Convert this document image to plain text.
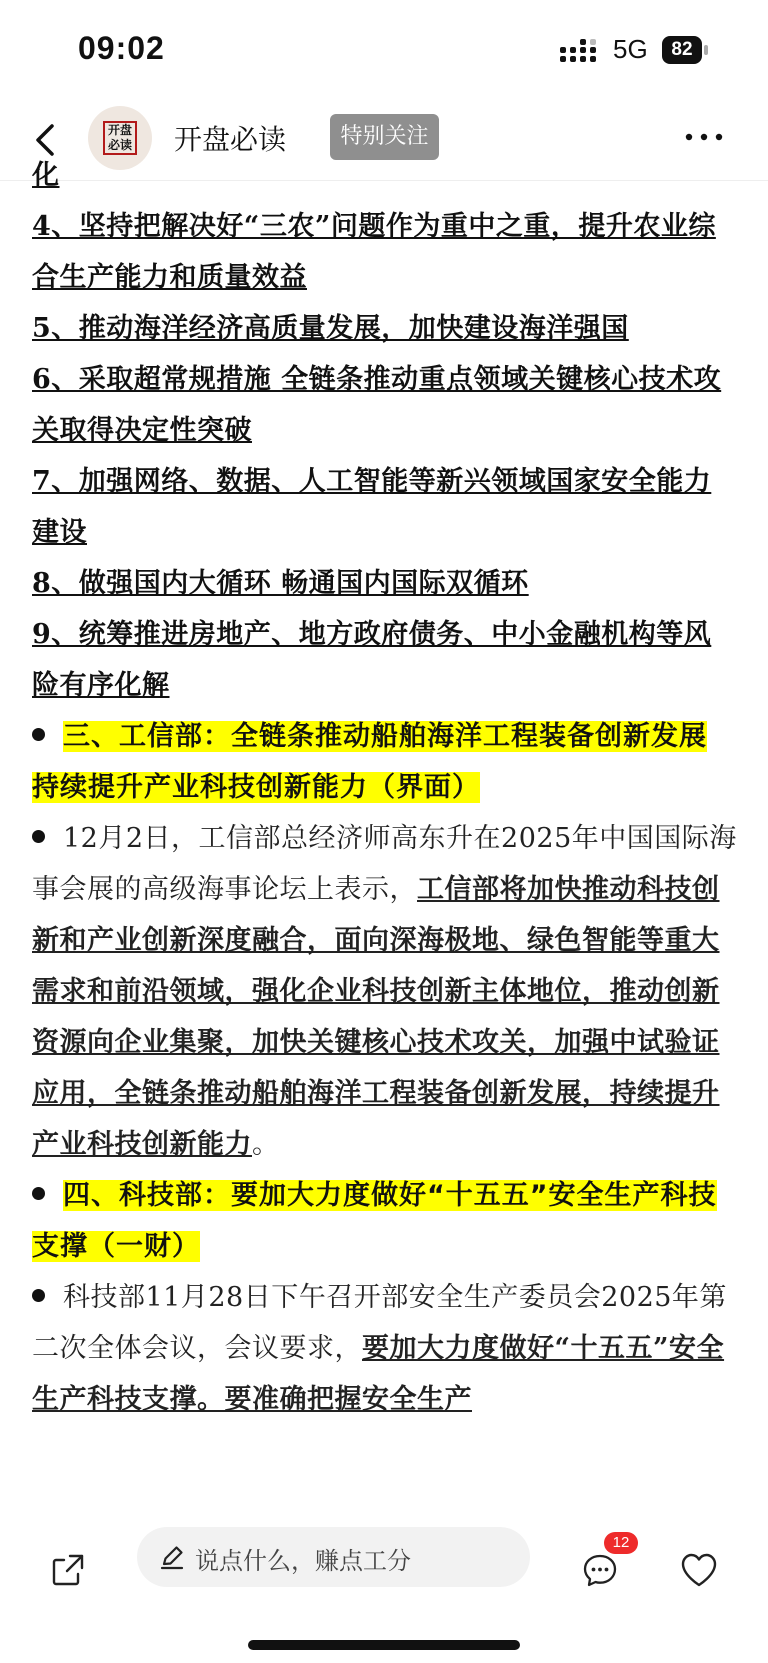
09:02	5G	82
开盘
必读 开盘必读	特别关注

化

4、坚持把解决好“三农”问题作为重中之重，提升农业综合生产能力和质量效益

5、推动海洋经济高质量发展，加快建设海洋强国

6、采取超常规措施 全链条推动重点领域关键核心技术攻关取得决定性突破

7、加强网络、数据、人工智能等新兴领域国家安全能力建设

8、做强国内大循环 畅通国内国际双循环

9、统筹推进房地产、地方政府债务、中小金融机构等风险有序化解

三、工信部：全链条推动船舶海洋工程装备创新发展 持续提升产业科技创新能力（界面）

12月2日，工信部总经济师高东升在2025年中国国际海事会展的高级海事论坛上表示，工信部将加快推动科技创新和产业创新深度融合，面向深海极地、绿色智能等重大需求和前沿领域，强化企业科技创新主体地位，推动创新资源向企业集聚，加快关键核心技术攻关，加强中试验证应用，全链条推动船舶海洋工程装备创新发展，持续提升产业科技创新能力。

四、科技部：要加大力度做好“十五五”安全生产科技支撑（一财）

科技部11月28日下午召开部安全生产委员会2025年第二次全体会议，会议要求，要加大力度做好“十五五”安全生产科技支撑。要准确把握安全生产

说点什么，赚点工分
12
